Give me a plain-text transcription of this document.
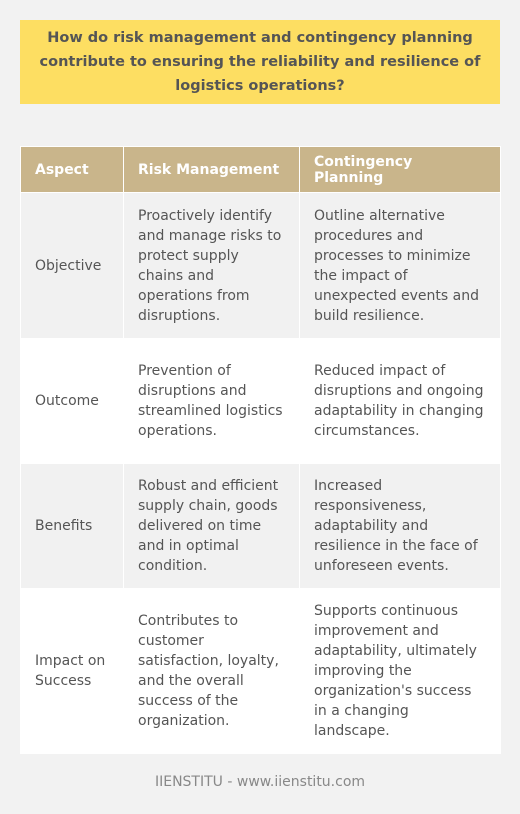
How do risk management and contingency planning contribute to ensuring the reliability and resilience of logistics operations?

Aspect	Risk Management	Contingency Planning
Objective	Proactively identify and manage risks to protect supply chains and operations from disruptions.	Outline alternative procedures and processes to minimize the impact of unexpected events and build resilience.
Outcome	Prevention of disruptions and streamlined logistics operations.	Reduced impact of disruptions and ongoing adaptability in changing circumstances.
Benefits	Robust and efficient supply chain, goods delivered on time and in optimal condition.	Increased responsiveness, adaptability and resilience in the face of unforeseen events.
Impact on Success	Contributes to customer satisfaction, loyalty, and the overall success of the organization.	Supports continuous improvement and adaptability, ultimately improving the organization's success in a changing landscape.
IIENSTITU - www.iienstitu.com
